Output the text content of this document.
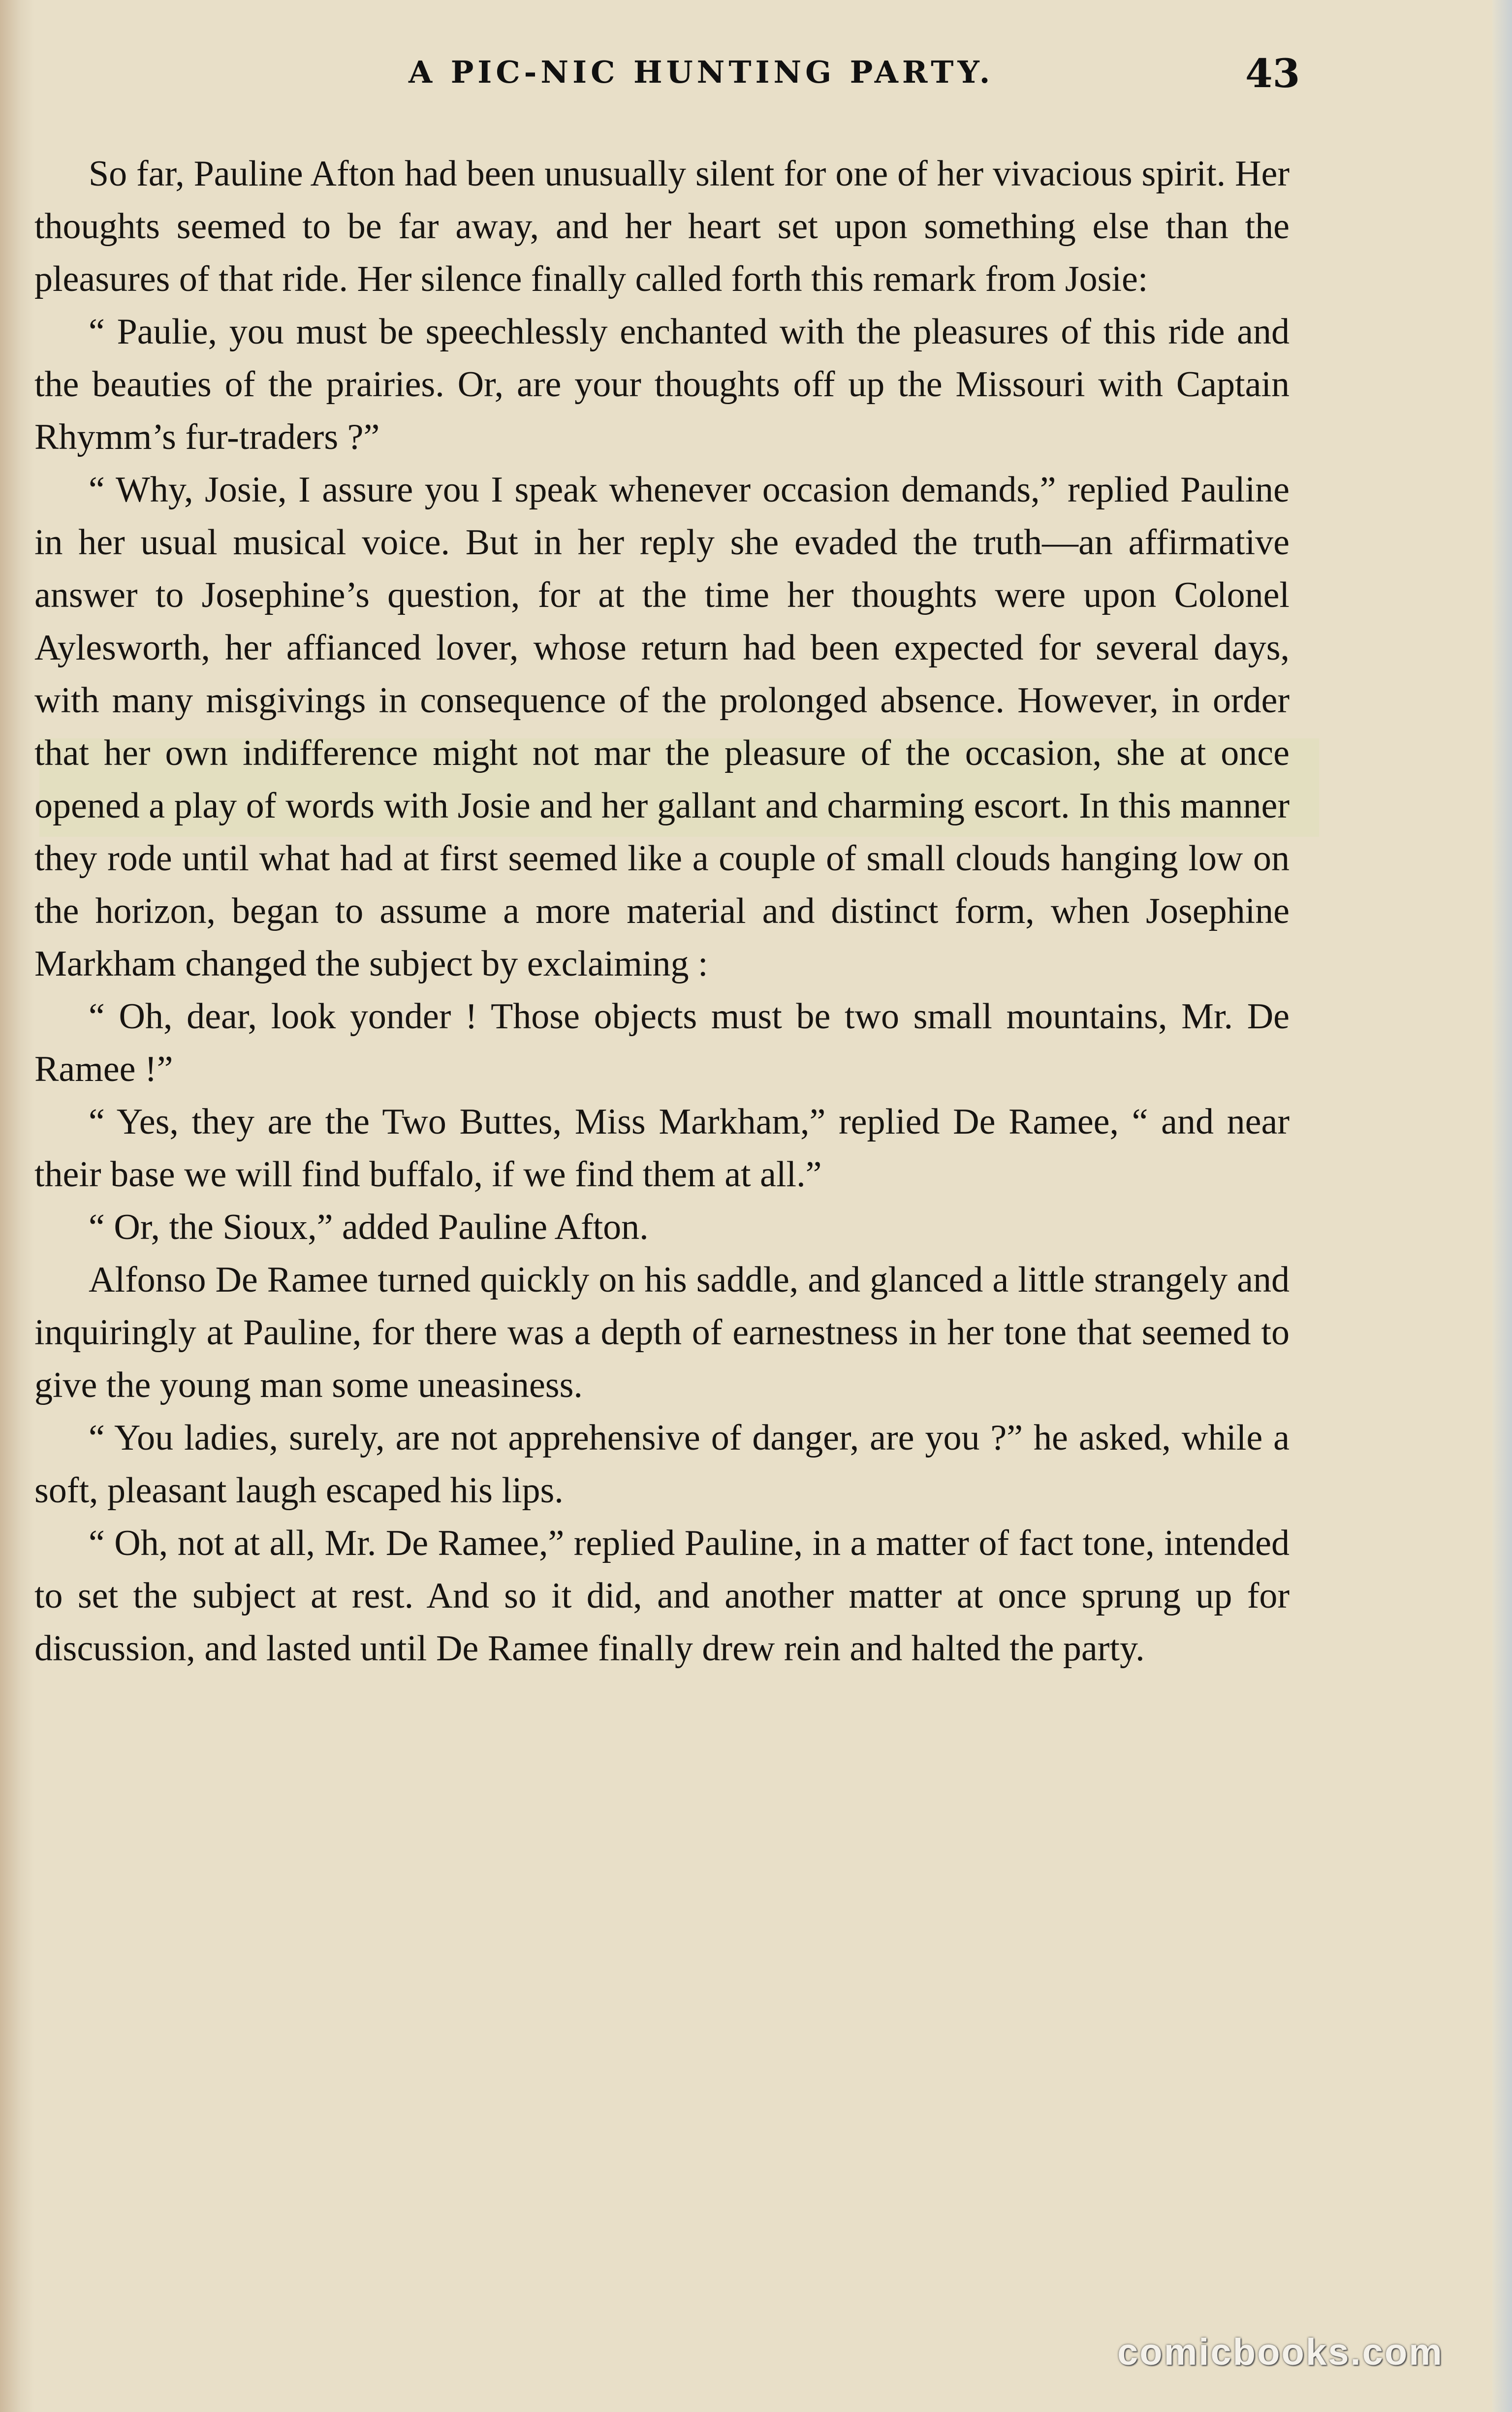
A PIC-NIC HUNTING PARTY.	43

So far, Pauline Afton had been unusually silent for one of her vivacious spirit. Her thoughts seemed to be far away, and her heart set upon something else than the pleasures of that ride. Her silence finally called forth this remark from Josie:

“ Paulie, you must be speechlessly enchanted with the pleasures of this ride and the beauties of the prairies. Or, are your thoughts off up the Missouri with Captain Rhymm’s fur-traders ?”

“ Why, Josie, I assure you I speak whenever occasion demands,” replied Pauline in her usual musical voice. But in her reply she evaded the truth—an affirmative answer to Josephine’s question, for at the time her thoughts were upon Colonel Aylesworth, her affianced lover, whose return had been expected for several days, with many misgivings in consequence of the prolonged absence. However, in order that her own indifference might not mar the pleasure of the occasion, she at once opened a play of words with Josie and her gallant and charming escort. In this manner they rode until what had at first seemed like a couple of small clouds hanging low on the horizon, began to assume a more material and distinct form, when Josephine Markham changed the subject by exclaiming :

“ Oh, dear, look yonder ! Those objects must be two small mountains, Mr. De Ramee !”

“ Yes, they are the Two Buttes, Miss Markham,” replied De Ramee, “ and near their base we will find buffalo, if we find them at all.”

“ Or, the Sioux,” added Pauline Afton.

Alfonso De Ramee turned quickly on his saddle, and glanced a little strangely and inquiringly at Pauline, for there was a depth of earnestness in her tone that seemed to give the young man some uneasiness.

“ You ladies, surely, are not apprehensive of danger, are you ?” he asked, while a soft, pleasant laugh escaped his lips.

“ Oh, not at all, Mr. De Ramee,” replied Pauline, in a matter of fact tone, intended to set the subject at rest. And so it did, and another matter at once sprung up for discussion, and lasted until De Ramee finally drew rein and halted the party.

comicbooks.com
